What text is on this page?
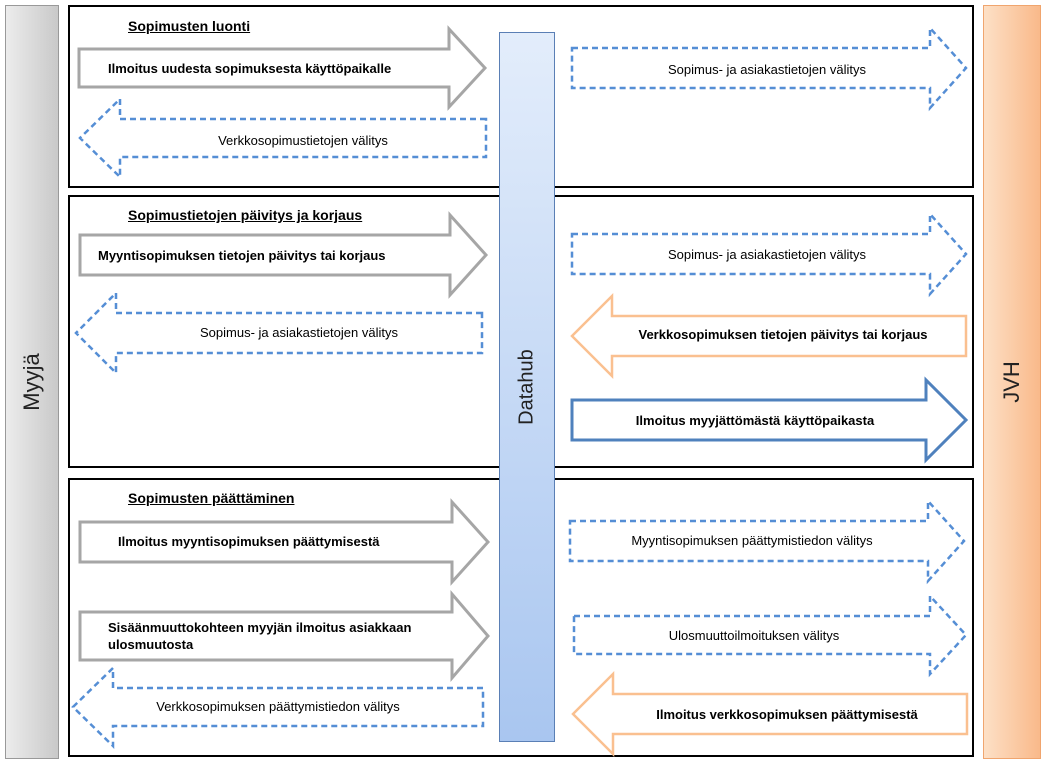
Myyjä	JVH
Sopimusten luonti
Sopimustietojen päivitys ja korjaus
Sopimusten päättäminen
Datahub
Ilmoitus uudesta sopimuksesta käyttöpaikalle
Verkkosopimustietojen välitys
Sopimus- ja asiakastietojen välitys
Myyntisopimuksen tietojen päivitys tai korjaus
Sopimus- ja asiakastietojen välitys
Sopimus- ja asiakastietojen välitys
Verkkosopimuksen tietojen päivitys tai korjaus
Ilmoitus myyjättömästä käyttöpaikasta
Ilmoitus myyntisopimuksen päättymisestä
Sisäänmuuttokohteen myyjän ilmoitus asiakkaan ulosmuutosta
Verkkosopimuksen päättymistiedon välitys
Myyntisopimuksen päättymistiedon välitys
Ulosmuuttoilmoituksen välitys
Ilmoitus verkkosopimuksen päättymisestä
